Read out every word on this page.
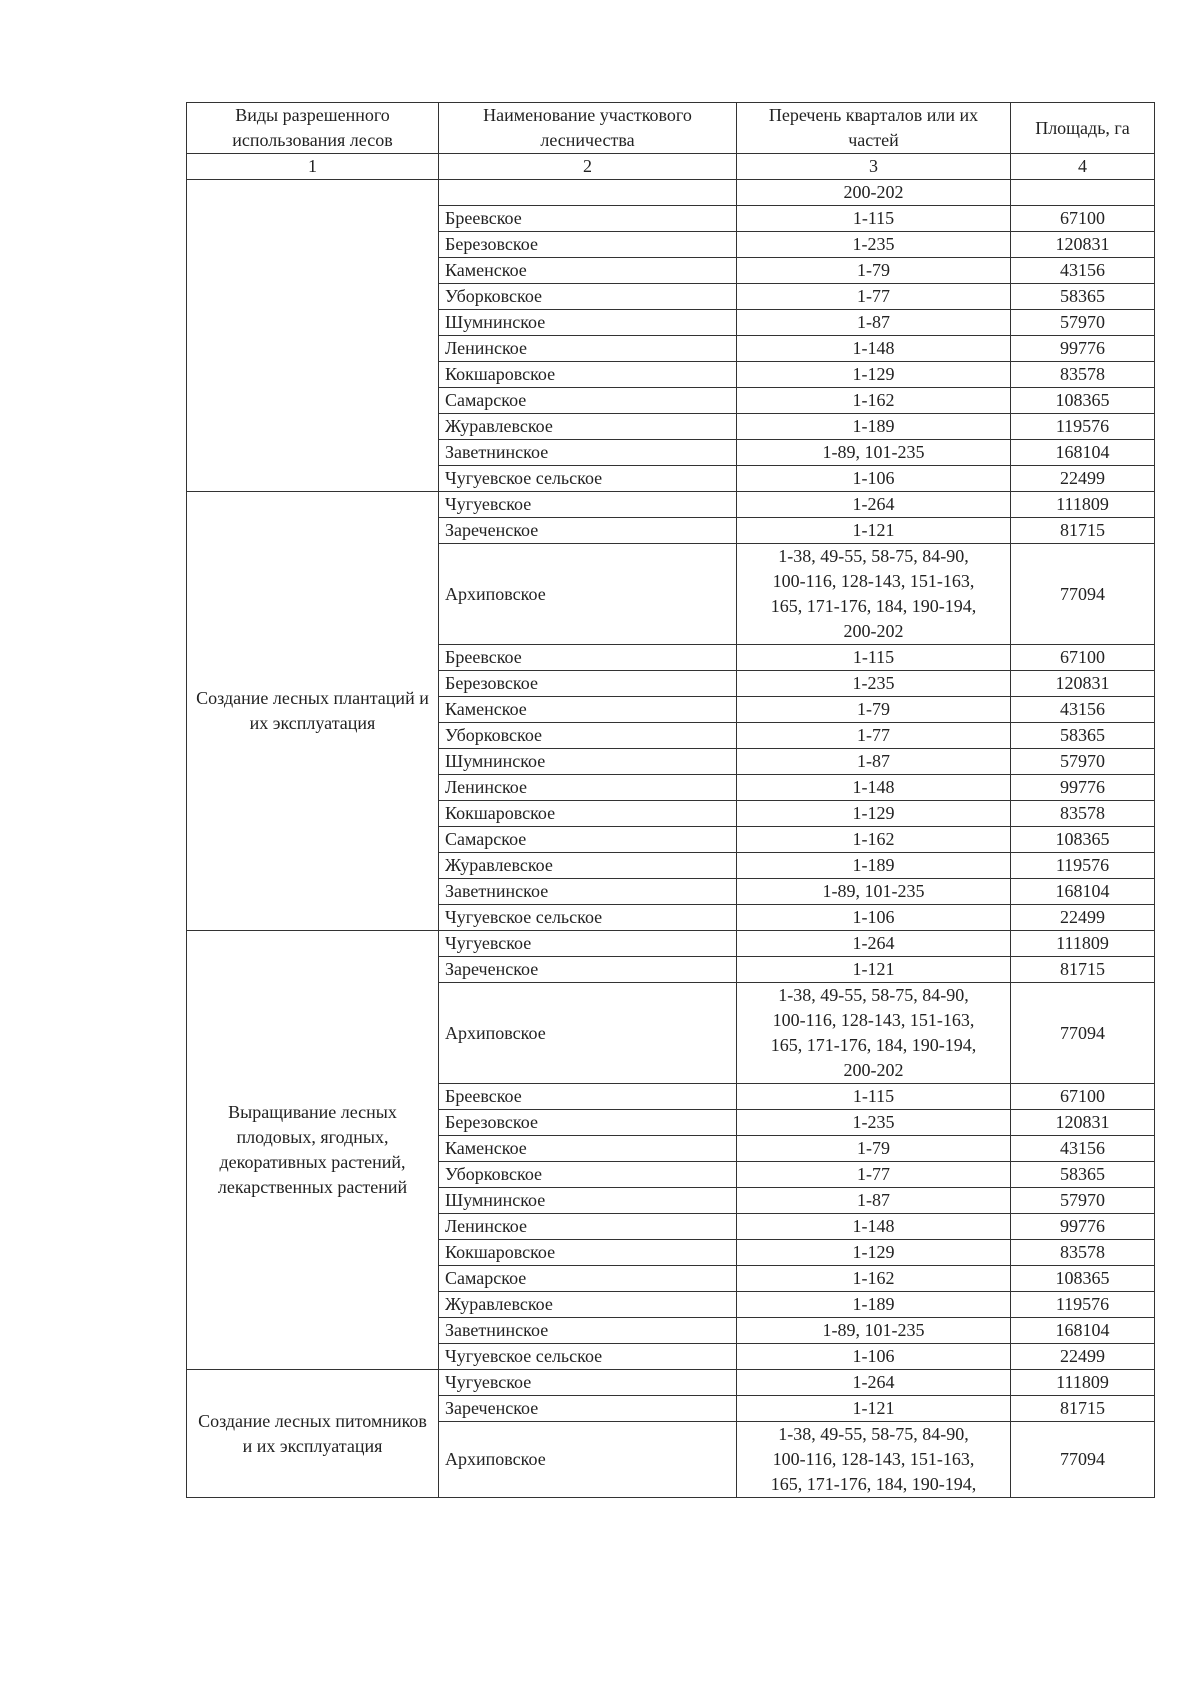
Виды разрешенного использования лесов	Наименование участкового лесничества	Перечень кварталов или их частей	Площадь, га
1	2	3	4
		200-202	
	Бреевское	1-115	67100
	Березовское	1-235	120831
	Каменское	1-79	43156
	Уборковское	1-77	58365
	Шумнинское	1-87	57970
	Ленинское	1-148	99776
	Кокшаровское	1-129	83578
	Самарское	1-162	108365
	Журавлевское	1-189	119576
	Заветнинское	1-89, 101-235	168104
	Чугуевское сельское	1-106	22499
Создание лесных плантаций и их эксплуатация	Чугуевское	1-264	111809
	Зареченское	1-121	81715
	Архиповское	1-38, 49-55, 58-75, 84-90,
100-116, 128-143, 151-163,
165, 171-176, 184, 190-194,
200-202	77094
	Бреевское	1-115	67100
	Березовское	1-235	120831
	Каменское	1-79	43156
	Уборковское	1-77	58365
	Шумнинское	1-87	57970
	Ленинское	1-148	99776
	Кокшаровское	1-129	83578
	Самарское	1-162	108365
	Журавлевское	1-189	119576
	Заветнинское	1-89, 101-235	168104
	Чугуевское сельское	1-106	22499
Выращивание лесных плодовых, ягодных, декоративных растений, лекарственных растений	Чугуевское	1-264	111809
	Зареченское	1-121	81715
	Архиповское	1-38, 49-55, 58-75, 84-90,
100-116, 128-143, 151-163,
165, 171-176, 184, 190-194,
200-202	77094
	Бреевское	1-115	67100
	Березовское	1-235	120831
	Каменское	1-79	43156
	Уборковское	1-77	58365
	Шумнинское	1-87	57970
	Ленинское	1-148	99776
	Кокшаровское	1-129	83578
	Самарское	1-162	108365
	Журавлевское	1-189	119576
	Заветнинское	1-89, 101-235	168104
	Чугуевское сельское	1-106	22499
Создание лесных питомников и их эксплуатация	Чугуевское	1-264	111809
	Зареченское	1-121	81715
	Архиповское	1-38, 49-55, 58-75, 84-90,
100-116, 128-143, 151-163,
165, 171-176, 184, 190-194,	77094
